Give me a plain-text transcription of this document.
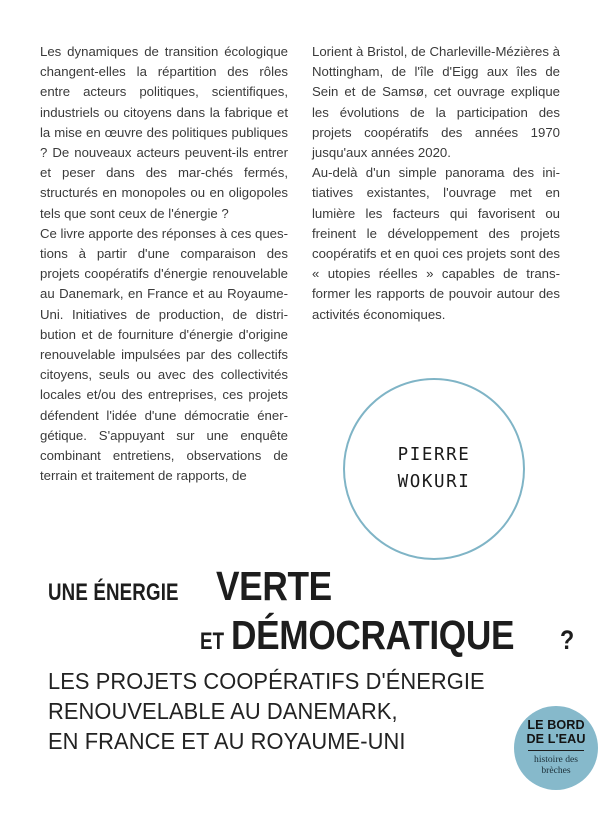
Les dynamiques de transition écologique changent-elles la répartition des rôles entre acteurs politiques, scientifiques, industriels ou citoyens dans la fabrique et la mise en œuvre des politiques publiques ? De nouveaux acteurs peuvent-ils entrer et peser dans des mar-chés fermés, structurés en monopoles ou en oligopoles tels que sont ceux de l'énergie ?

Ce livre apporte des réponses à ces ques-tions à partir d'une comparaison des projets coopératifs d'énergie renouvelable au Danemark, en France et au Royaume-Uni. Initiatives de production, de distri-bution et de fourniture d'énergie d'origine renouvelable impulsées par des collectifs citoyens, seuls ou avec des collectivités locales et/ou des entreprises, ces projets défendent l'idée d'une démocratie éner-gétique. S'appuyant sur une enquête combinant entretiens, observations de terrain et traitement de rapports, de

Lorient à Bristol, de Charleville-Mézières à Nottingham, de l'île d'Eigg aux îles de Sein et de Samsø, cet ouvrage explique les évolutions de la participation des projets coopératifs des années 1970 jusqu'aux années 2020.

Au-delà d'un simple panorama des ini-tiatives existantes, l'ouvrage met en lumière les facteurs qui favorisent ou freinent le développement des projets coopératifs et en quoi ces projets sont des « utopies réelles » capables de trans-former les rapports de pouvoir autour des activités économiques.

PIERRE
WOKURI
UNE ÉNERGIE VERTE
ET DÉMOCRATIQUE ?
LES PROJETS COOPÉRATIFS D'ÉNERGIE
RENOUVELABLE AU DANEMARK,
EN FRANCE ET AU ROYAUME-UNI
LE BORD
DE L'EAU
histoire des
brèches
